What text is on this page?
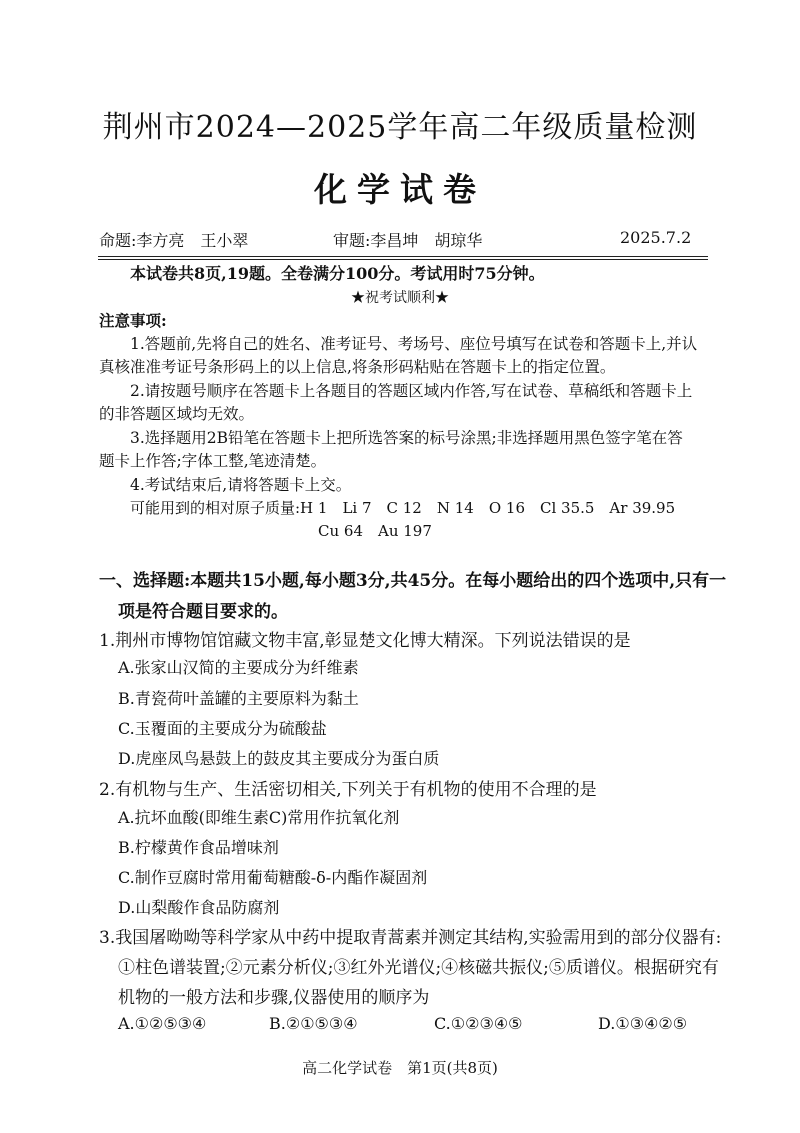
荆州市2024—2025学年高二年级质量检测
化学试卷
命题:李方亮　王小翠	审题:李昌坤　胡琼华	2025.7.2
本试卷共8页,19题。全卷满分100分。考试用时75分钟。
★祝考试顺利★
注意事项:
1.答题前,先将自己的姓名、准考证号、考场号、座位号填写在试卷和答题卡上,并认
真核准准考证号条形码上的以上信息,将条形码粘贴在答题卡上的指定位置。
2.请按题号顺序在答题卡上各题目的答题区域内作答,写在试卷、草稿纸和答题卡上
的非答题区域均无效。
3.选择题用2B铅笔在答题卡上把所选答案的标号涂黑;非选择题用黑色签字笔在答
题卡上作答;字体工整,笔迹清楚。
4.考试结束后,请将答题卡上交。
可能用到的相对原子质量:H 1　Li 7　C 12　N 14　O 16　Cl 35.5　Ar 39.95
Cu 64　Au 197
一、选择题:本题共15小题,每小题3分,共45分。在每小题给出的四个选项中,只有一
项是符合题目要求的。
1.荆州市博物馆馆藏文物丰富,彰显楚文化博大精深。下列说法错误的是
A.张家山汉简的主要成分为纤维素
B.青瓷荷叶盖罐的主要原料为黏土
C.玉覆面的主要成分为硫酸盐
D.虎座凤鸟悬鼓上的鼓皮其主要成分为蛋白质
2.有机物与生产、生活密切相关,下列关于有机物的使用不合理的是
A.抗坏血酸(即维生素C)常用作抗氧化剂
B.柠檬黄作食品增味剂
C.制作豆腐时常用葡萄糖酸-δ-内酯作凝固剂
D.山梨酸作食品防腐剂
3.我国屠呦呦等科学家从中药中提取青蒿素并测定其结构,实验需用到的部分仪器有:
①柱色谱装置;②元素分析仪;③红外光谱仪;④核磁共振仪;⑤质谱仪。根据研究有
机物的一般方法和步骤,仪器使用的顺序为
A.①②⑤③④	B.②①⑤③④	C.①②③④⑤	D.①③④②⑤
高二化学试卷　第1页(共8页)
